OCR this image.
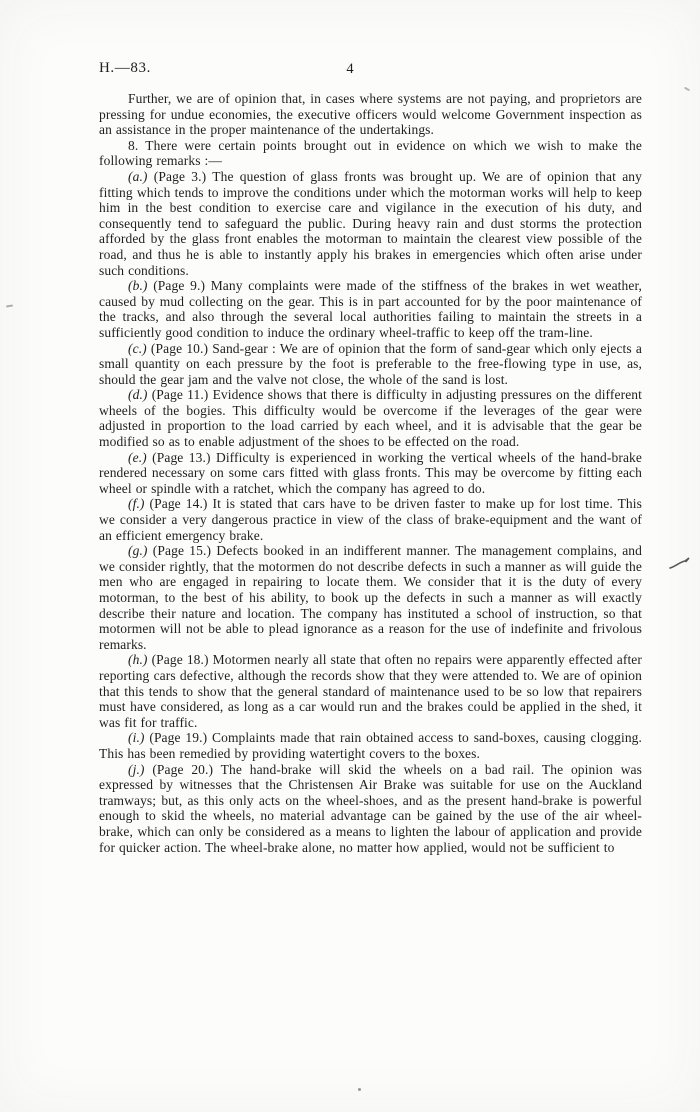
H.—83.	4

Further, we are of opinion that, in cases where systems are not paying, and proprietors are pressing for undue economies, the executive officers would welcome Government inspection as an assistance in the proper maintenance of the undertakings.

8. There were certain points brought out in evidence on which we wish to make the following remarks :—

(a.) (Page 3.) The question of glass fronts was brought up. We are of opinion that any fitting which tends to improve the conditions under which the motorman works will help to keep him in the best condition to exercise care and vigilance in the execution of his duty, and consequently tend to safeguard the public. During heavy rain and dust storms the protection afforded by the glass front enables the motorman to maintain the clearest view possible of the road, and thus he is able to instantly apply his brakes in emergencies which often arise under such conditions.

(b.) (Page 9.) Many complaints were made of the stiffness of the brakes in wet weather, caused by mud collecting on the gear. This is in part accounted for by the poor maintenance of the tracks, and also through the several local authorities failing to maintain the streets in a sufficiently good condition to induce the ordinary wheel-traffic to keep off the tram-line.

(c.) (Page 10.) Sand-gear : We are of opinion that the form of sand-gear which only ejects a small quantity on each pressure by the foot is preferable to the free-flowing type in use, as, should the gear jam and the valve not close, the whole of the sand is lost.

(d.) (Page 11.) Evidence shows that there is difficulty in adjusting pressures on the different wheels of the bogies. This difficulty would be overcome if the leverages of the gear were adjusted in proportion to the load carried by each wheel, and it is advisable that the gear be modified so as to enable adjustment of the shoes to be effected on the road.

(e.) (Page 13.) Difficulty is experienced in working the vertical wheels of the hand-brake rendered necessary on some cars fitted with glass fronts. This may be overcome by fitting each wheel or spindle with a ratchet, which the company has agreed to do.

(f.) (Page 14.) It is stated that cars have to be driven faster to make up for lost time. This we consider a very dangerous practice in view of the class of brake-equipment and the want of an efficient emergency brake.

(g.) (Page 15.) Defects booked in an indifferent manner. The management complains, and we consider rightly, that the motormen do not describe defects in such a manner as will guide the men who are engaged in repairing to locate them. We consider that it is the duty of every motorman, to the best of his ability, to book up the defects in such a manner as will exactly describe their nature and location. The company has instituted a school of instruction, so that motormen will not be able to plead ignorance as a reason for the use of indefinite and frivolous remarks.

(h.) (Page 18.) Motormen nearly all state that often no repairs were apparently effected after reporting cars defective, although the records show that they were attended to. We are of opinion that this tends to show that the general standard of maintenance used to be so low that repairers must have considered, as long as a car would run and the brakes could be applied in the shed, it was fit for traffic.

(i.) (Page 19.) Complaints made that rain obtained access to sand-boxes, causing clogging. This has been remedied by providing watertight covers to the boxes.

(j.) (Page 20.) The hand-brake will skid the wheels on a bad rail. The opinion was expressed by witnesses that the Christensen Air Brake was suitable for use on the Auckland tramways; but, as this only acts on the wheel-shoes, and as the present hand-brake is powerful enough to skid the wheels, no material advantage can be gained by the use of the air wheel-brake, which can only be considered as a means to lighten the labour of application and provide for quicker action. The wheel-brake alone, no matter how applied, would not be sufficient to
